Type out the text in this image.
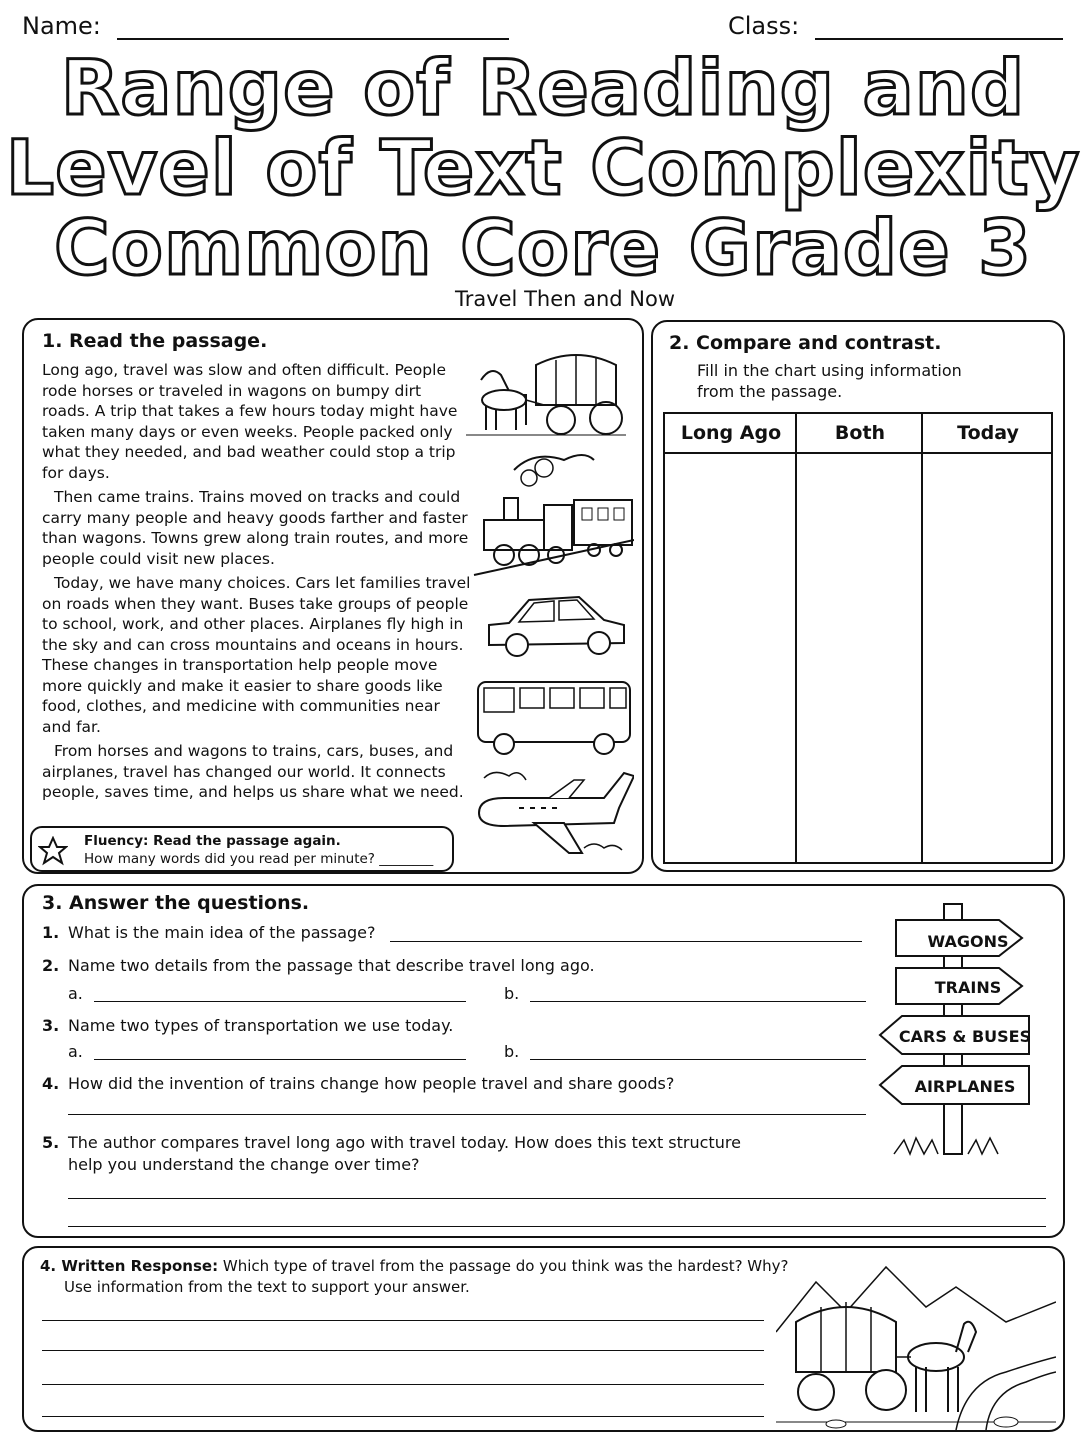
Name:	Class:
Range of Reading and
Level of Text Complexity
Common Core Grade 3
Travel Then and Now
1. Read the passage.

Long ago, travel was slow and often difficult. People rode horses or traveled in wagons on bumpy dirt roads. A trip that takes a few hours today might have taken many days or even weeks. People packed only what they needed, and bad weather could stop a trip for days.

Then came trains. Trains moved on tracks and could carry many people and heavy goods farther and faster than wagons. Towns grew along train routes, and more people could visit new places.

Today, we have many choices. Cars let families travel on roads when they want. Buses take groups of people to school, work, and other places. Airplanes fly high in the sky and can cross mountains and oceans in hours. These changes in transportation help people move more quickly and make it easier to share goods like food, clothes, and medicine with communities near and far.

From horses and wagons to trains, cars, buses, and airplanes, travel has changed our world. It connects people, saves time, and helps us share what we need.

Fluency: Read the passage again.
How many words did you read per minute? ________
2. Compare and contrast.
Fill in the chart using information from the passage.
Long Ago	Both	Today
3. Answer the questions.
1. What is the main idea of the passage?
2. Name two details from the passage that describe travel long ago.
a.	b.
3. Name two types of transportation we use today.
a.	b.
4. How did the invention of trains change how people travel and share goods?
5. The author compares travel long ago with travel today. How does this text structure help you understand the change over time?
WAGONS
TRAINS
CARS & BUSES
AIRPLANES
4. Written Response: Which type of travel from the passage do you think was the hardest? Why?
Use information from the text to support your answer.
